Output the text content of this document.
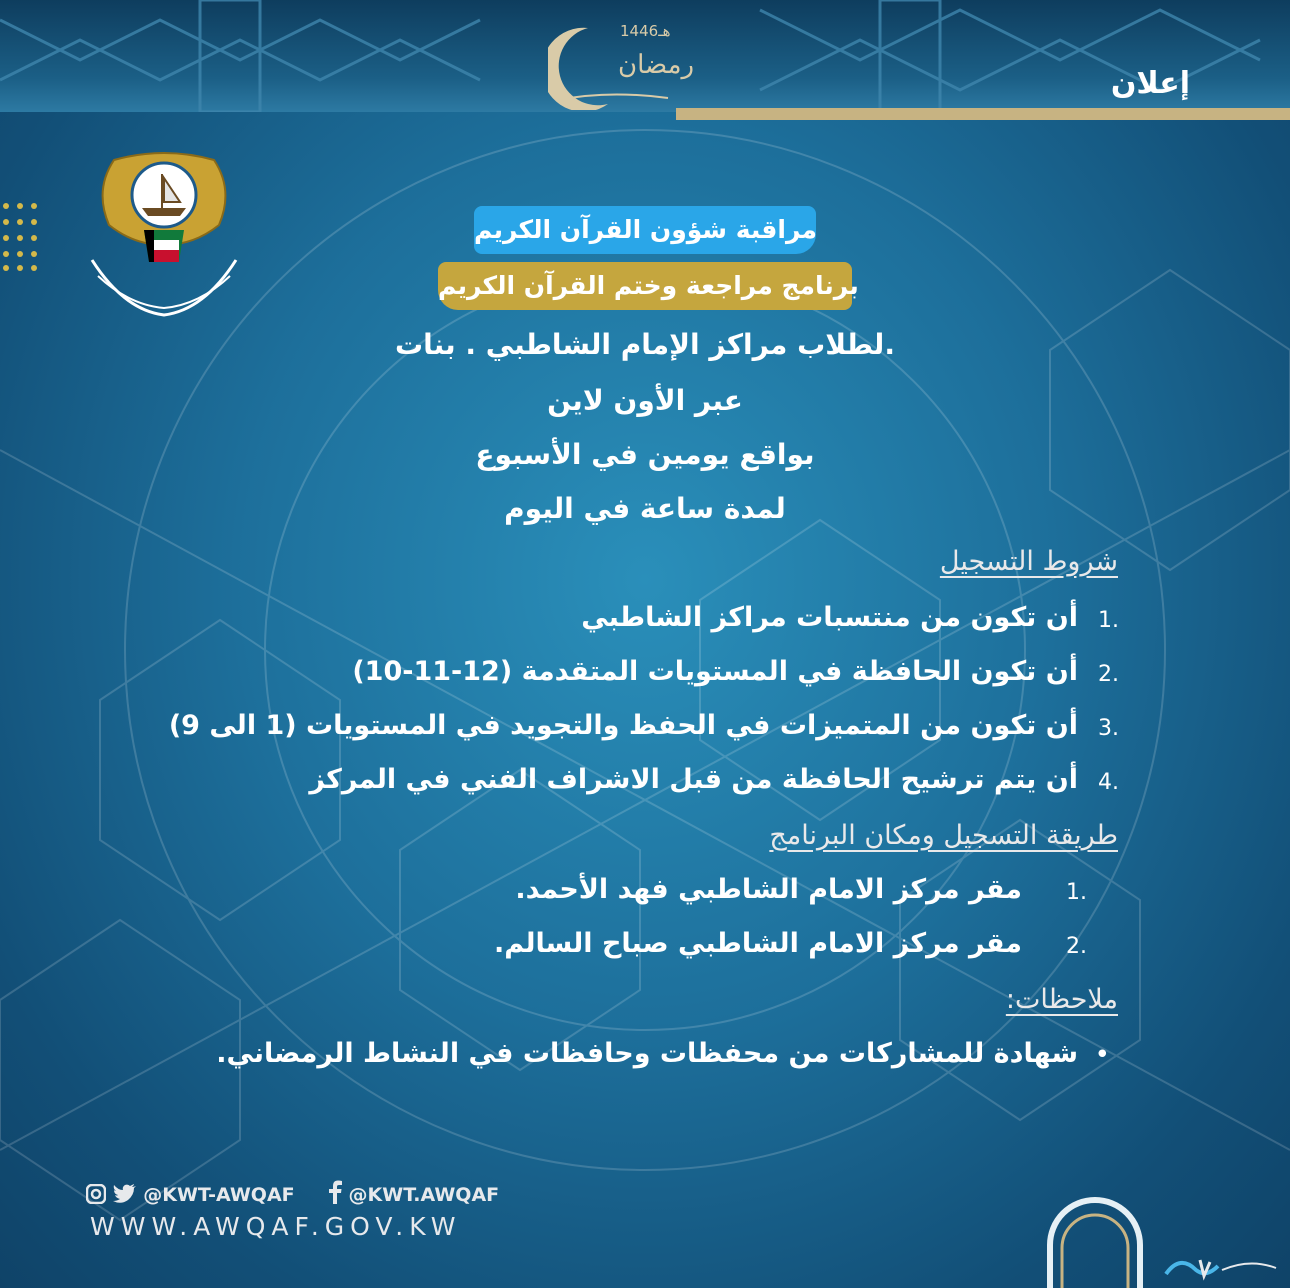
1446هـ
رمضان
إعلان
مراقبة شؤون القرآن الكريم
برنامج مراجعة وختم القرآن الكريم
لطلاب مراكز الإمام الشاطبي . بنات.
عبر الأون لاين
بواقع يومين في الأسبوع
لمدة ساعة في اليوم
شروط التسجيل
1.
أن تكون من منتسبات مراكز الشاطبي
2.
أن تكون الحافظة في المستويات المتقدمة (12-11-10)
3.
أن تكون من المتميزات في الحفظ والتجويد في المستويات (1 الى 9)
4.
أن يتم ترشيح الحافظة من قبل الاشراف الفني في المركز
طريقة التسجيل ومكان البرنامج
1.
مقر مركز الامام الشاطبي فهد الأحمد.
2.
مقر مركز الامام الشاطبي صباح السالم.
ملاحظات:
•
شهادة للمشاركات من محفظات وحافظات في النشاط الرمضاني.
@KWT-AWQAF	@KWT.AWQAF
WWW.AWQAF.GOV.KW
